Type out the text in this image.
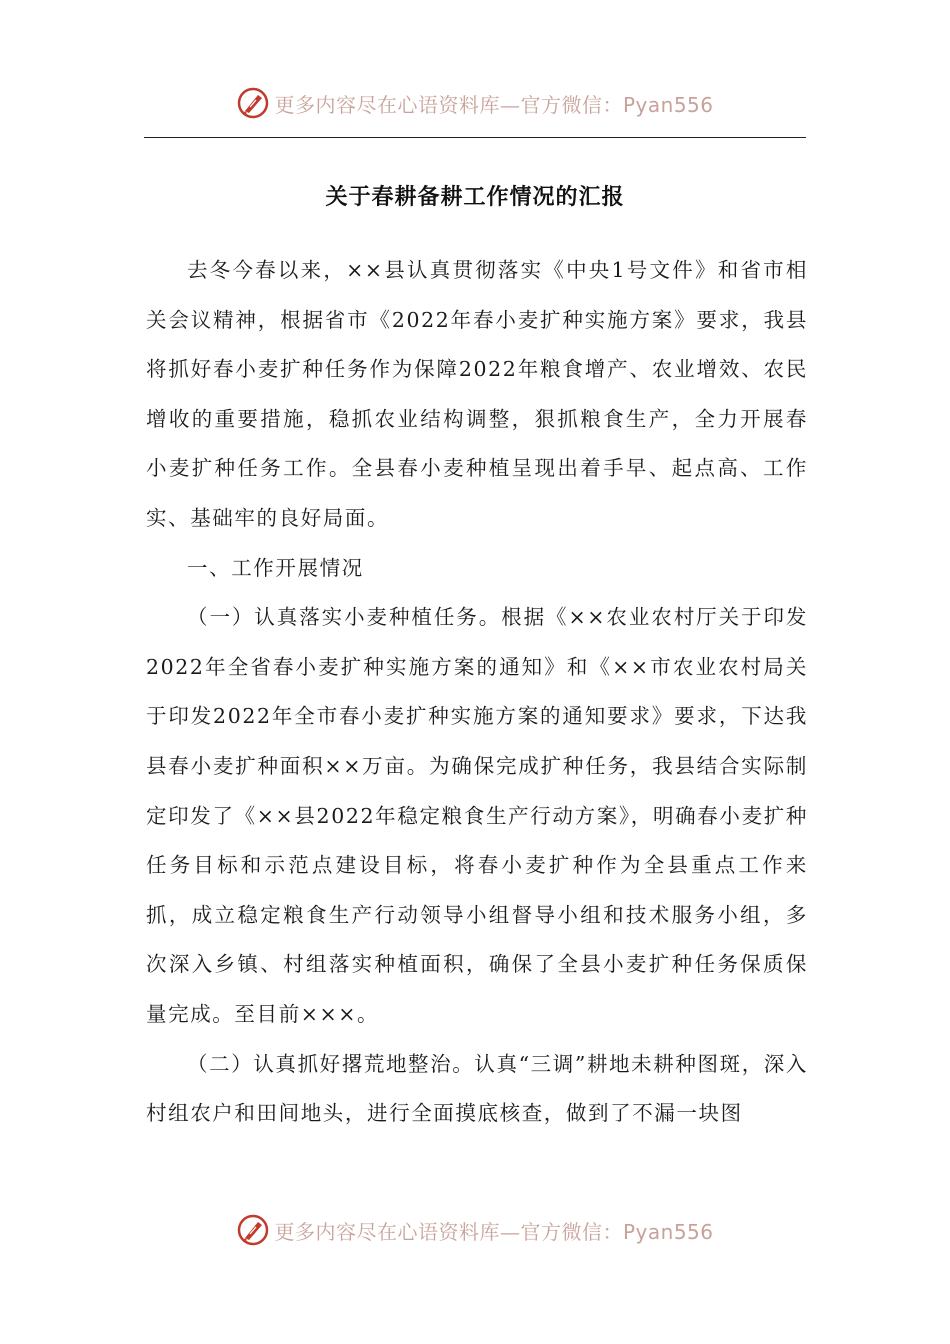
更多内容尽在心语资料库—官方微信：Pyan556
关于春耕备耕工作情况的汇报

去冬今春以来，××县认真贯彻落实《中央1号文件》和省市相关会议精神，根据省市《2022年春小麦扩种实施方案》要求，我县将抓好春小麦扩种任务作为保障2022年粮食增产、农业增效、农民增收的重要措施，稳抓农业结构调整，狠抓粮食生产，全力开展春小麦扩种任务工作。全县春小麦种植呈现出着手早、起点高、工作实、基础牢的良好局面。

一、工作开展情况

（一）认真落实小麦种植任务。根据《××农业农村厅关于印发2022年全省春小麦扩种实施方案的通知》和《××市农业农村局关于印发2022年全市春小麦扩种实施方案的通知要求》要求，下达我县春小麦扩种面积××万亩。为确保完成扩种任务，我县结合实际制定印发了《××县2022年稳定粮食生产行动方案》，明确春小麦扩种任务目标和示范点建设目标，将春小麦扩种作为全县重点工作来抓，成立稳定粮食生产行动领导小组督导小组和技术服务小组，多次深入乡镇、村组落实种植面积，确保了全县小麦扩种任务保质保量完成。至目前×××。

（二）认真抓好撂荒地整治。认真“三调”耕地未耕种图斑，深入村组农户和田间地头，进行全面摸底核查，做到了不漏一块图

更多内容尽在心语资料库—官方微信：Pyan556
